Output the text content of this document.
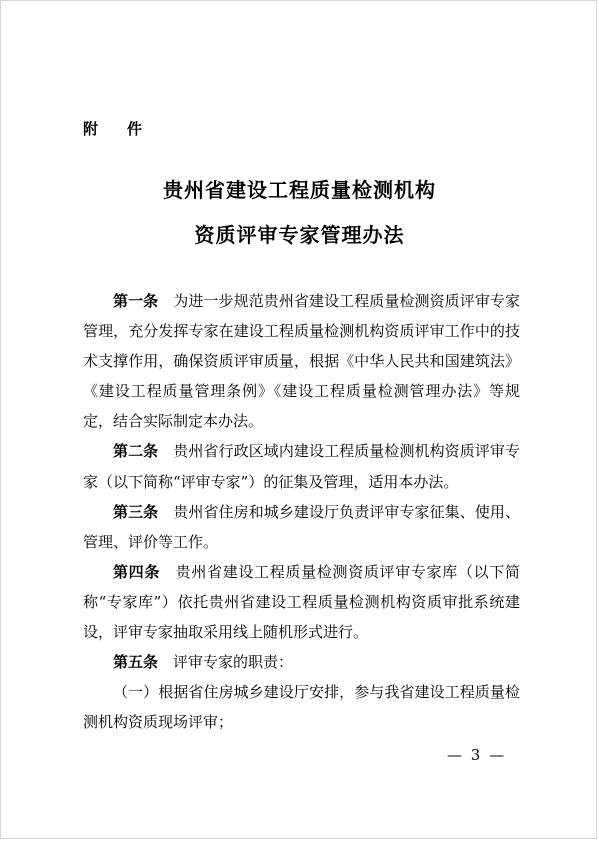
附　件
贵州省建设工程质量检测机构
资质评审专家管理办法

第一条　为进一步规范贵州省建设工程质量检测资质评审专家管理，充分发挥专家在建设工程质量检测机构资质评审工作中的技术支撑作用，确保资质评审质量，根据《中华人民共和国建筑法》《建设工程质量管理条例》《建设工程质量检测管理办法》等规定，结合实际制定本办法。

第二条　贵州省行政区域内建设工程质量检测机构资质评审专家（以下简称“评审专家”）的征集及管理，适用本办法。

第三条　贵州省住房和城乡建设厅负责评审专家征集、使用、管理、评价等工作。

第四条　贵州省建设工程质量检测资质评审专家库（以下简称“专家库”）依托贵州省建设工程质量检测机构资质审批系统建设，评审专家抽取采用线上随机形式进行。

第五条　评审专家的职责：

（一）根据省住房城乡建设厅安排，参与我省建设工程质量检测机构资质现场评审；

— 3 —
